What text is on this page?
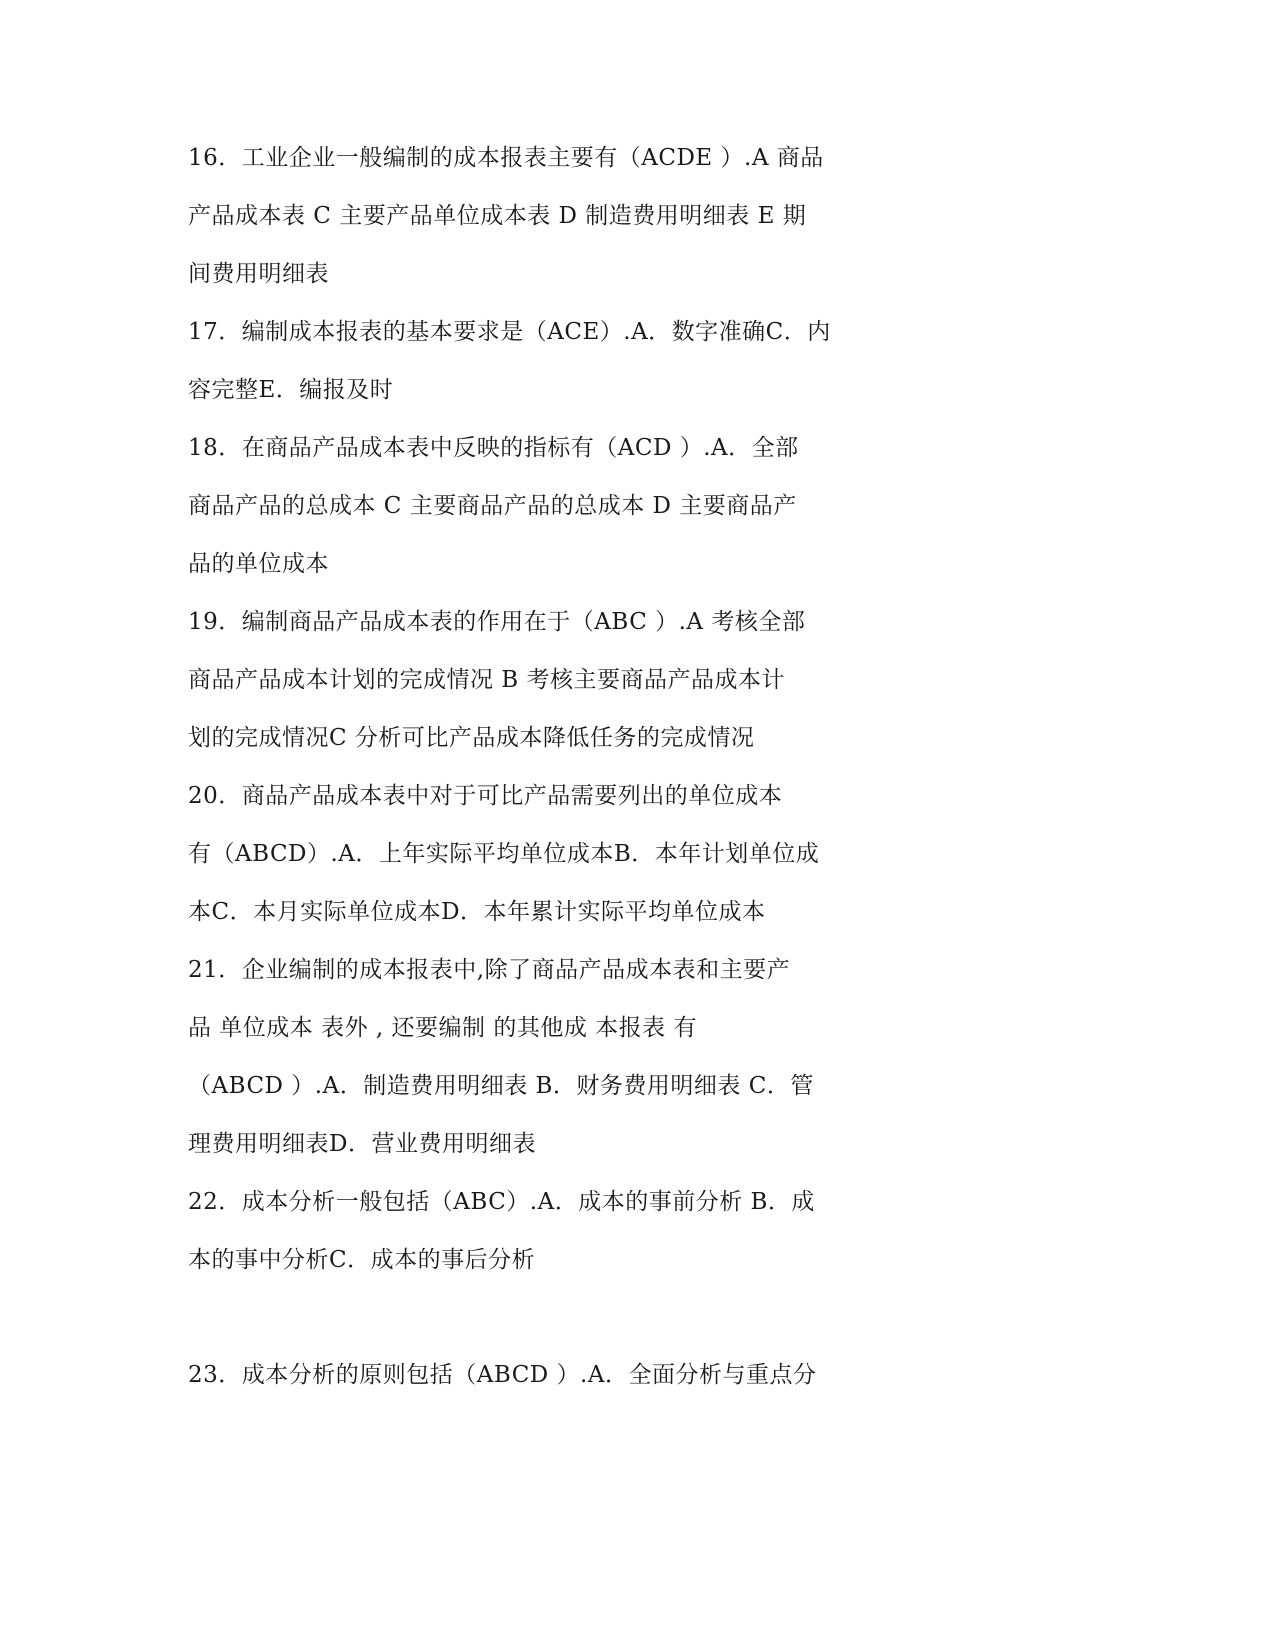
16．工业企业一般编制的成本报表主要有（ACDE ）.A 商品
产品成本表 C 主要产品单位成本表 D 制造费用明细表 E 期
间费用明细表
17．编制成本报表的基本要求是（ACE）.A．数字准确C．内
容完整E．编报及时
18．在商品产品成本表中反映的指标有（ACD ）.A．全部
商品产品的总成本 C 主要商品产品的总成本 D 主要商品产
品的单位成本
19．编制商品产品成本表的作用在于（ABC ）.A 考核全部
商品产品成本计划的完成情况 B 考核主要商品产品成本计
划的完成情况C 分析可比产品成本降低任务的完成情况
20．商品产品成本表中对于可比产品需要列出的单位成本
有（ABCD）.A．上年实际平均单位成本B．本年计划单位成
本C．本月实际单位成本D．本年累计实际平均单位成本
21．企业编制的成本报表中,除了商品产品成本表和主要产
品 单位成本 表外 , 还要编制 的其他成 本报表 有
（ABCD ）.A．制造费用明细表 B．财务费用明细表 C．管
理费用明细表D．营业费用明细表
22．成本分析一般包括（ABC）.A．成本的事前分析 B．成
本的事中分析C．成本的事后分析
23．成本分析的原则包括（ABCD ）.A．全面分析与重点分
